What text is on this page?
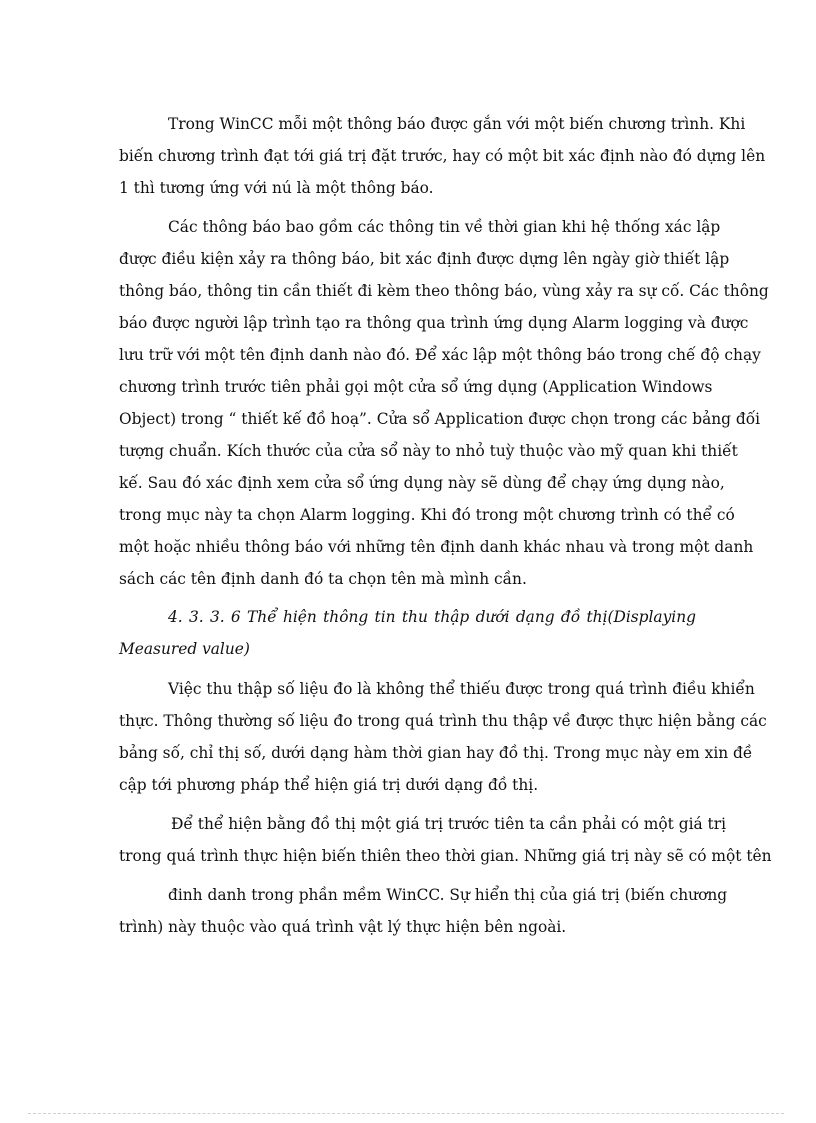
Trong WinCC mỗi một thông báo được gắn với một biến chương trình. Khi
biến chương trình đạt tới giá trị đặt trước, hay có một bit xác định nào đó dựng lên
1 thì tương ứng với nú là một thông báo.
Các thông báo bao gồm các thông tin về thời gian khi hệ thống xác lập
được điều kiện xảy ra thông báo, bit xác định được dựng lên ngày giờ thiết lập
thông báo, thông tin cần thiết đi kèm theo thông báo, vùng xảy ra sự cố. Các thông
báo được người lập trình tạo ra thông qua trình ứng dụng Alarm logging và được
lưu trữ với một tên định danh nào đó. Để xác lập một thông báo trong chế độ chạy
chương trình trước tiên phải gọi một cửa sổ ứng dụng (Application Windows
Object) trong “ thiết kế đồ hoạ”. Cửa sổ Application được chọn trong các bảng đối
tượng chuẩn. Kích thước của cửa sổ này to nhỏ tuỳ thuộc vào mỹ quan khi thiết
kế. Sau đó xác định xem cửa sổ ứng dụng này sẽ dùng để chạy ứng dụng nào,
trong mục này ta chọn Alarm logging. Khi đó trong một chương trình có thể có
một hoặc nhiều thông báo với những tên định danh khác nhau và trong một danh
sách các tên định danh đó ta chọn tên mà mình cần.
4. 3. 3. 6 Thể hiện thông tin thu thập dưới dạng đồ thị(Displaying
Measured value)
Việc thu thập số liệu đo là không thể thiếu được trong quá trình điều khiển
thực. Thông thường số liệu đo trong quá trình thu thập về được thực hiện bằng các
bảng số, chỉ thị số, dưới dạng hàm thời gian hay đồ thị. Trong mục này em xin đề
cập tới phương pháp thể hiện giá trị dưới dạng đồ thị.
Để thể hiện bằng đồ thị một giá trị trước tiên ta cần phải có một giá trị
trong quá trình thực hiện biến thiên theo thời gian. Những giá trị này sẽ có một tên
đinh danh trong phần mềm WinCC. Sự hiển thị của giá trị (biến chương
trình) này thuộc vào quá trình vật lý thực hiện bên ngoài.
